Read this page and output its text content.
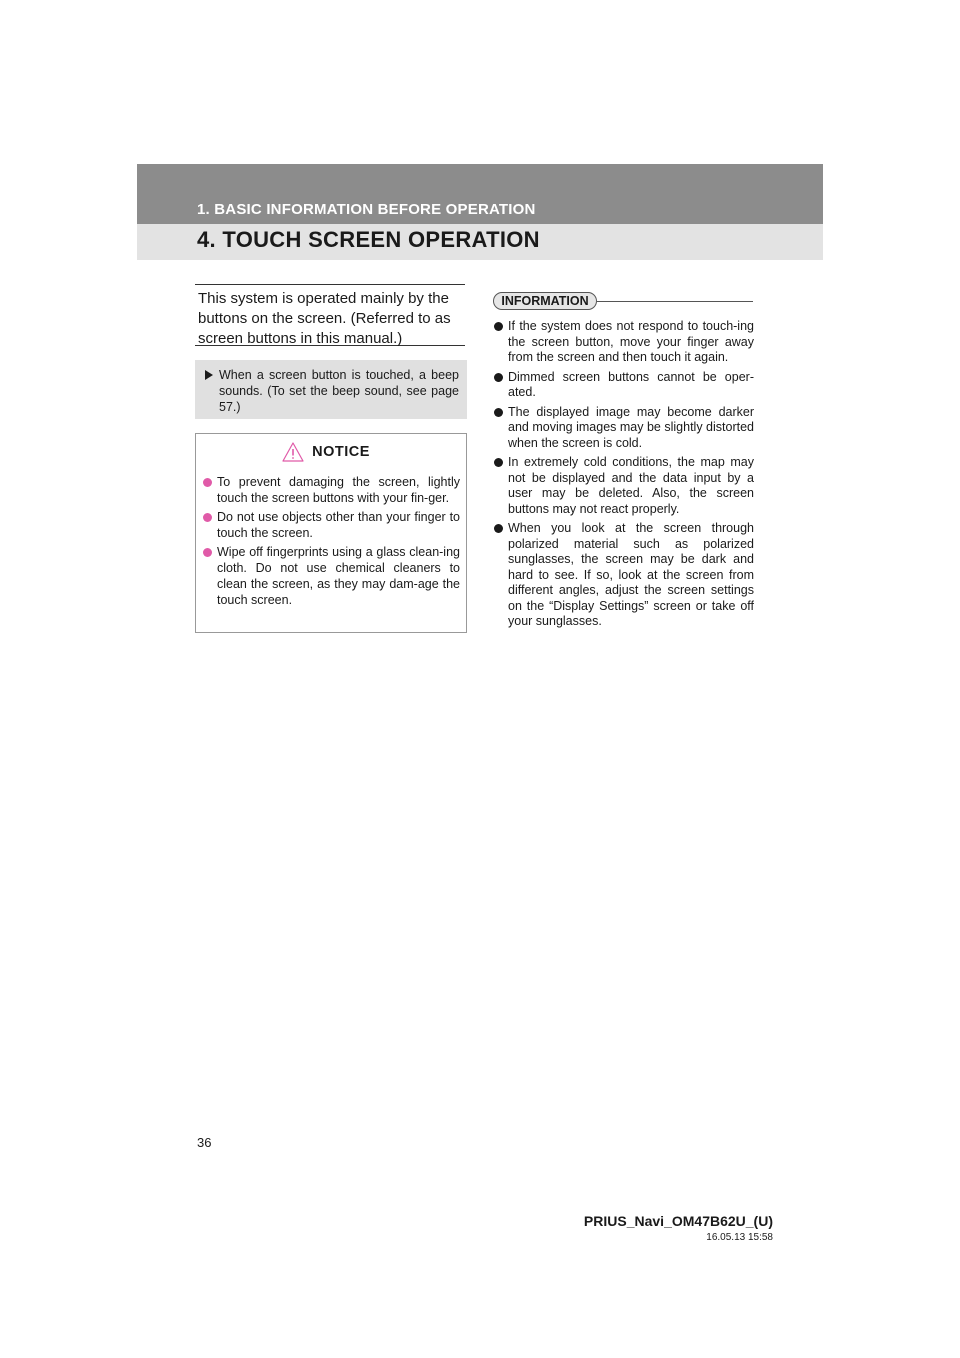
1. BASIC INFORMATION BEFORE OPERATION
4. TOUCH SCREEN OPERATION
This system is operated mainly by the
buttons on the screen. (Referred to as
screen buttons in this manual.)
When a screen button is touched, a beep sounds. (To set the beep sound, see page 57.)
NOTICE
To prevent damaging the screen, lightly touch the screen buttons with your fin-ger.
Do not use objects other than your finger to touch the screen.
Wipe off fingerprints using a glass clean-ing cloth. Do not use chemical cleaners to clean the screen, as they may dam-age the touch screen.
INFORMATION
If the system does not respond to touch-ing the screen button, move your finger away from the screen and then touch it again.
Dimmed screen buttons cannot be oper-ated.
The displayed image may become darker and moving images may be slightly distorted when the screen is cold.
In extremely cold conditions, the map may not be displayed and the data input by a user may be deleted. Also, the screen buttons may not react properly.
When you look at the screen through polarized material such as polarized sunglasses, the screen may be dark and hard to see. If so, look at the screen from different angles, adjust the screen settings on the “Display Settings” screen or take off your sunglasses.
36
PRIUS_Navi_OM47B62U_(U)
16.05.13 15:58
